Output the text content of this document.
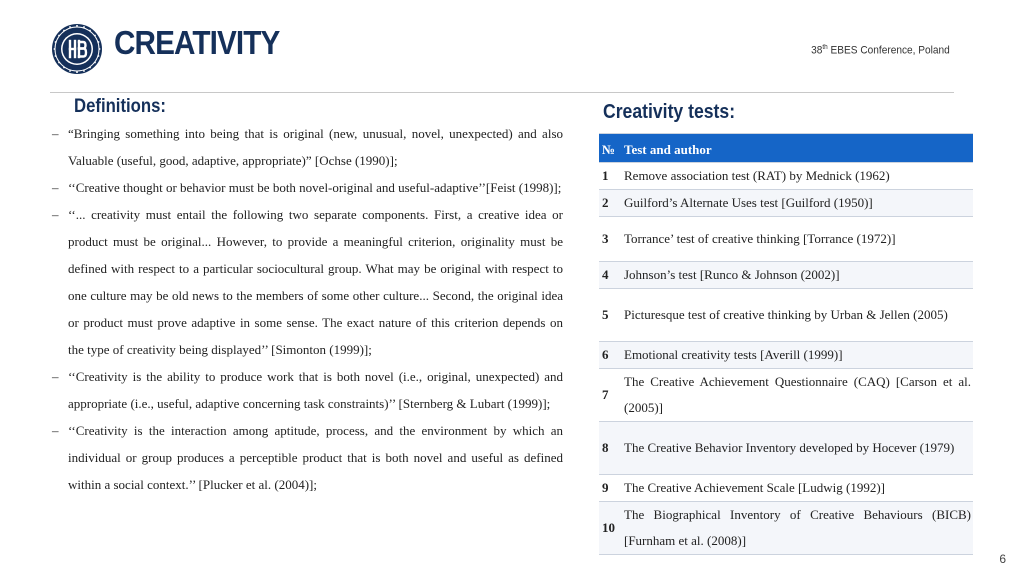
CREATIVITY	38th EBES Conference, Poland
Definitions:
– “Bringing something into being that is original (new, unusual, novel, unexpected) and also Valuable (useful, good, adaptive, appropriate)” [Ochse (1990)];
– ‘‘Creative thought or behavior must be both novel-original and useful-adaptive’’[Feist (1998)];
– ‘‘... creativity must entail the following two separate components. First, a creative idea or product must be original... However, to provide a meaningful criterion, originality must be defined with respect to a particular sociocultural group. What may be original with respect to one culture may be old news to the members of some other culture... Second, the original idea or product must prove adaptive in some sense. The exact nature of this criterion depends on the type of creativity being displayed’’ [Simonton (1999)];
– ‘‘Creativity is the ability to produce work that is both novel (i.e., original, unexpected) and appropriate (i.e., useful, adaptive concerning task constraints)’’ [Sternberg & Lubart (1999)];
– ‘‘Creativity is the interaction among aptitude, process, and the environment by which an individual or group produces a perceptible product that is both novel and useful as defined within a social context.’’ [Plucker et al. (2004)];
Creativity tests:
№	Test and author
1	Remove association test (RAT) by Mednick (1962)
2	Guilford’s Alternate Uses test [Guilford (1950)]
3	Torrance’ test of creative thinking [Torrance (1972)]
4	Johnson’s test [Runco & Johnson (2002)]
5	Picturesque test of creative thinking by Urban & Jellen (2005)
6	Emotional creativity tests [Averill (1999)]
7	The Creative Achievement Questionnaire (CAQ) [Carson et al. (2005)]
8	The Creative Behavior Inventory developed by Hocever (1979)
9	The Creative Achievement Scale [Ludwig (1992)]
10	The Biographical Inventory of Creative Behaviours (BICB) [Furnham et al. (2008)]
6
